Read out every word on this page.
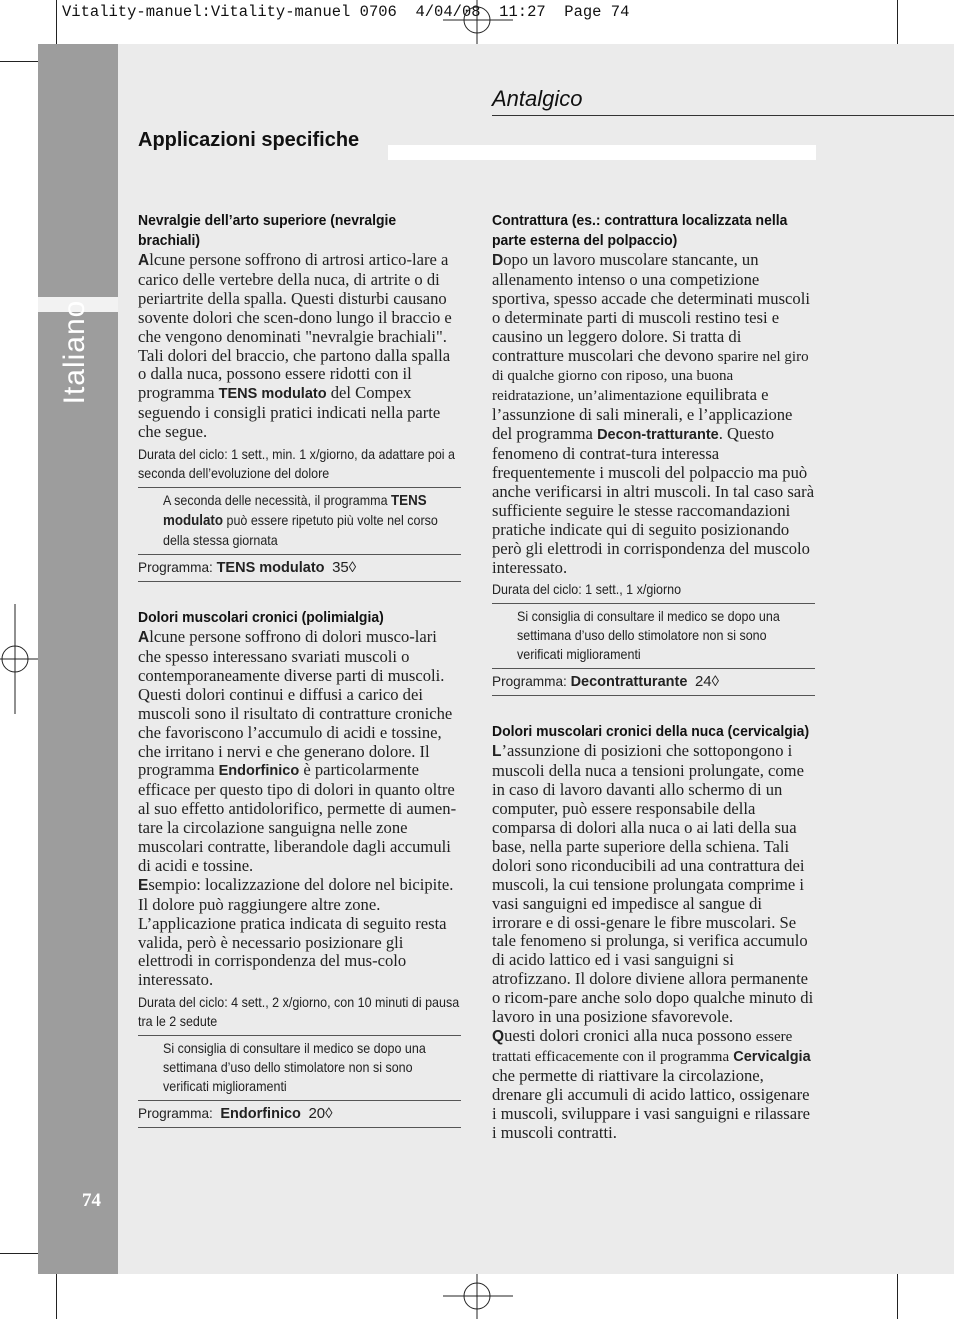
Vitality-manuel:Vitality-manuel 0706  4/04/08  11:27  Page 74
Italiano
74
Antalgico
Applicazioni specifiche
Nevralgie dell’arto superiore (nevralgie brachiali)

Alcune persone soffrono di artrosi artico-lare a carico delle vertebre della nuca, di artrite o di periartrite della spalla. Questi disturbi causano sovente dolori che scen-dono lungo il braccio e che vengono denominati "nevralgie brachiali". Tali dolori del braccio, che partono dalla spalla o dalla nuca, possono essere ridotti con il programma TENS modulato del Compex seguendo i consigli pratici indicati nella parte che segue.

Durata del ciclo: 1 sett., min. 1 x/giorno, da adattare poi a seconda dell’evoluzione del dolore
A seconda delle necessità, il programma TENS modulato può essere ripetuto più volte nel corso della stessa giornata
Programma: TENS modulato 35◊
Dolori muscolari cronici (polimialgia)

Alcune persone soffrono di dolori musco-lari che spesso interessano svariati muscoli o contemporaneamente diverse parti di muscoli. Questi dolori continui e diffusi a carico dei muscoli sono il risultato di contratture croniche che favoriscono l’accumulo di acidi e tossine, che irritano i nervi e che generano dolore. Il programma Endorfinico è particolarmente efficace per questo tipo di dolori in quanto oltre al suo effetto antidolorifico, permette di aumen-tare la circolazione sanguigna nelle zone muscolari contratte, liberandole dagli accumuli di acidi e tossine.
Esempio: localizzazione del dolore nel bicipite.
Il dolore può raggiungere altre zone. L’applicazione pratica indicata di seguito resta valida, però è necessario posizionare gli elettrodi in corrispondenza del mus-colo interessato.

Durata del ciclo: 4 sett., 2 x/giorno, con 10 minuti di pausa tra le 2 sedute
Si consiglia di consultare il medico se dopo una settimana d’uso dello stimolatore non si sono verificati miglioramenti
Programma:  Endorfinico 20◊
Contrattura (es.: contrattura localizzata nella parte esterna del polpaccio)

Dopo un lavoro muscolare stancante, un allenamento intenso o una competizione sportiva, spesso accade che determinati muscoli o determinate parti di muscoli restino tesi e causino un leggero dolore. Si tratta di contratture muscolari che devono sparire nel giro di qualche giorno con riposo, una buona reidratazione, un’alimentazione equilibrata e l’assunzione di sali minerali, e l’applicazione del programma Decon-tratturante. Questo fenomeno di contrat-tura interessa frequentemente i muscoli del polpaccio ma può anche verificarsi in altri muscoli. In tal caso sarà sufficiente seguire le stesse raccomandazioni pratiche indicate qui di seguito posizionando però gli elettrodi in corrispondenza del muscolo interessato.

Durata del ciclo: 1 sett., 1 x/giorno
Si consiglia di consultare il medico se dopo una settimana d’uso dello stimolatore non si sono verificati miglioramenti
Programma: Decontratturante 24◊
Dolori muscolari cronici della nuca (cervicalgia)

L’assunzione di posizioni che sottopongono i muscoli della nuca a tensioni prolungate, come in caso di lavoro davanti allo schermo di un computer, può essere responsabile della comparsa di dolori alla nuca o ai lati della sua base, nella parte superiore della schiena. Tali dolori sono riconducibili ad una contrattura dei muscoli, la cui tensione prolungata comprime i vasi sanguigni ed impedisce al sangue di irrorare e di ossi-genare le fibre muscolari. Se tale fenomeno si prolunga, si verifica accumulo di acido lattico ed i vasi sanguigni si atrofizzano. Il dolore diviene allora permanente o ricom-pare anche solo dopo qualche minuto di lavoro in una posizione sfavorevole.
Questi dolori cronici alla nuca possono essere trattati efficacemente con il programma Cervicalgia che permette di riattivare la circolazione, drenare gli accumuli di acido lattico, ossigenare i muscoli, sviluppare i vasi sanguigni e rilassare i muscoli contratti.
